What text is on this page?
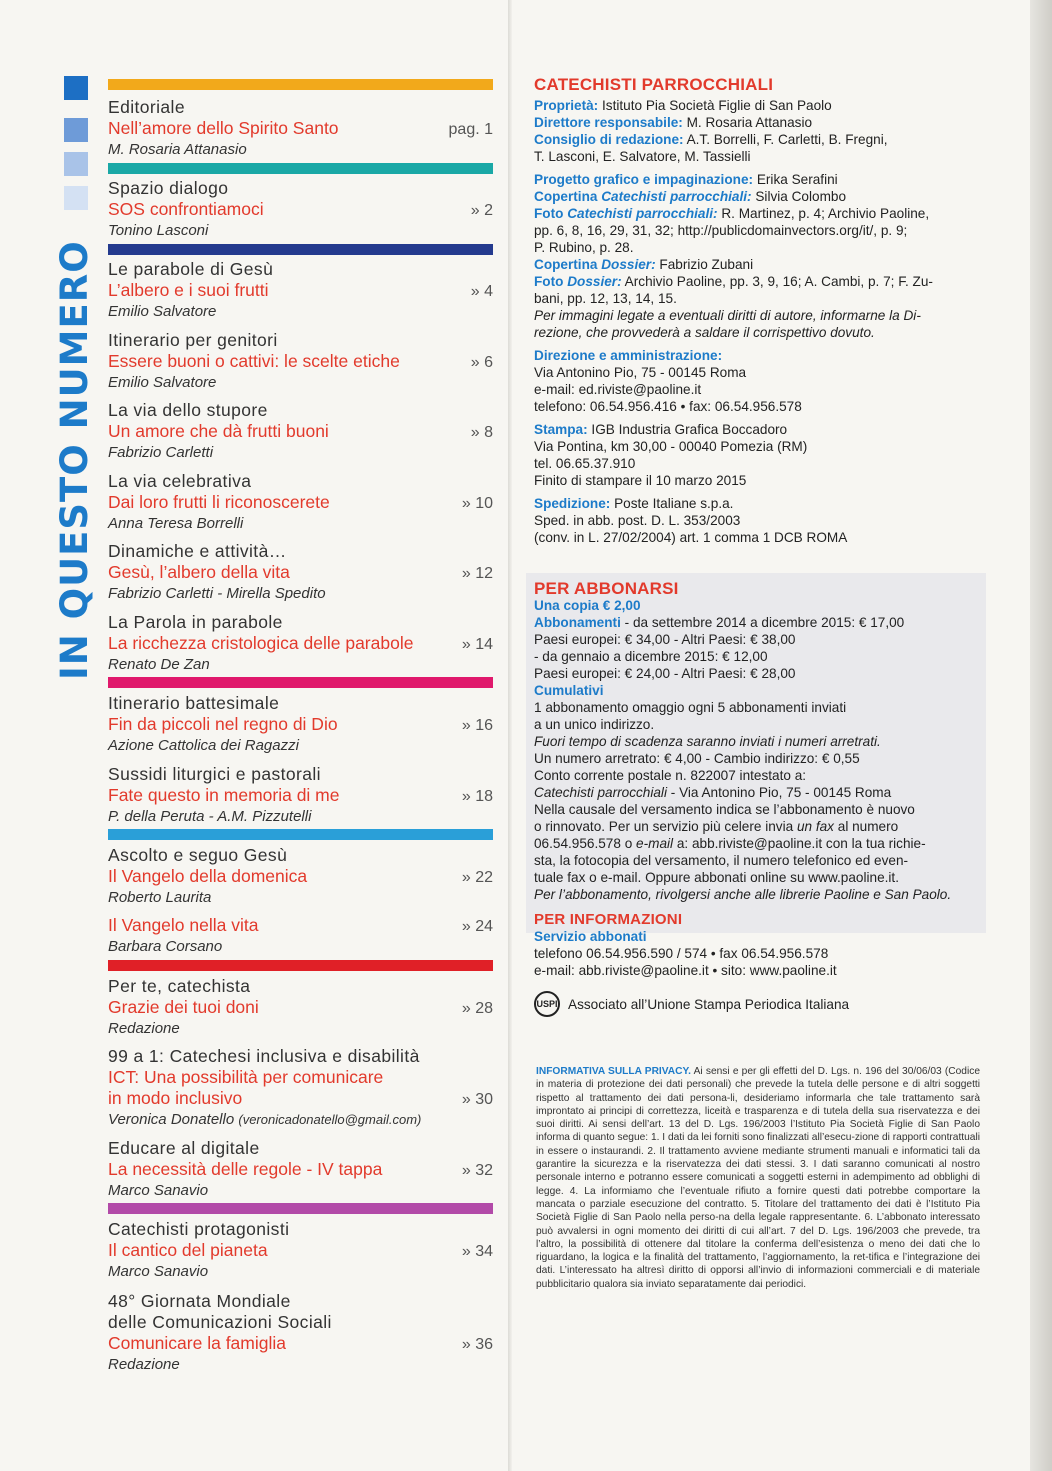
IN QUESTO NUMERO
Editoriale
Nell’amore dello Spirito Santo	pag. 1
M. Rosaria Attanasio
Spazio dialogo
SOS confrontiamoci	» 2
Tonino Lasconi
Le parabole di Gesù
L’albero e i suoi frutti	» 4
Emilio Salvatore
Itinerario per genitori
Essere buoni o cattivi: le scelte etiche	» 6
Emilio Salvatore
La via dello stupore
Un amore che dà frutti buoni	» 8
Fabrizio Carletti
La via celebrativa
Dai loro frutti li riconoscerete	» 10
Anna Teresa Borrelli
Dinamiche e attività…
Gesù, l’albero della vita	» 12
Fabrizio Carletti - Mirella Spedito
La Parola in parabole
La ricchezza cristologica delle parabole	» 14
Renato De Zan
Itinerario battesimale
Fin da piccoli nel regno di Dio	» 16
Azione Cattolica dei Ragazzi
Sussidi liturgici e pastorali
Fate questo in memoria di me	» 18
P. della Peruta - A.M. Pizzutelli
Ascolto e seguo Gesù
Il Vangelo della domenica	» 22
Roberto Laurita
Il Vangelo nella vita	» 24
Barbara Corsano
Per te, catechista
Grazie dei tuoi doni	» 28
Redazione
99 a 1: Catechesi inclusiva e disabilità
ICT: Una possibilità per comunicare
in modo inclusivo	» 30
Veronica Donatello (veronicadonatello@gmail.com)
Educare al digitale
La necessità delle regole - IV tappa	» 32
Marco Sanavio
Catechisti protagonisti
Il cantico del pianeta	» 34
Marco Sanavio
48° Giornata Mondiale
delle Comunicazioni Sociali
Comunicare la famiglia	» 36
Redazione

CATECHISTI PARROCCHIALI

Proprietà: Istituto Pia Società Figlie di San Paolo

Direttore responsabile: M. Rosaria Attanasio

Consiglio di redazione: A.T. Borrelli, F. Carletti, B. Fregni,

T. Lasconi, E. Salvatore, M. Tassielli

Progetto grafico e impaginazione: Erika Serafini

Copertina Catechisti parrocchiali: Silvia Colombo

Foto Catechisti parrocchiali: R. Martinez, p. 4; Archivio Paoline,

pp. 6, 8, 16, 29, 31, 32; http://publicdomainvectors.org/it/, p. 9;

P. Rubino, p. 28.

Copertina Dossier: Fabrizio Zubani

Foto Dossier: Archivio Paoline, pp. 3, 9, 16; A. Cambi, p. 7; F. Zu-

bani, pp. 12, 13, 14, 15.

Per immagini legate a eventuali diritti di autore, informarne la Di-

rezione, che provvederà a saldare il corrispettivo dovuto.

Direzione e amministrazione:

Via Antonino Pio, 75 - 00145 Roma

e-mail: ed.riviste@paoline.it

telefono: 06.54.956.416 • fax: 06.54.956.578

Stampa: IGB Industria Grafica Boccadoro

Via Pontina, km 30,00 - 00040 Pomezia (RM)

tel. 06.65.37.910

Finito di stampare il 10 marzo 2015

Spedizione: Poste Italiane s.p.a.

Sped. in abb. post. D. L. 353/2003

(conv. in L. 27/02/2004) art. 1 comma 1 DCB ROMA

PER ABBONARSI

Una copia € 2,00

Abbonamenti - da settembre 2014 a dicembre 2015: € 17,00

Paesi europei: € 34,00 - Altri Paesi: € 38,00

- da gennaio a dicembre 2015: € 12,00

Paesi europei: € 24,00 - Altri Paesi: € 28,00

Cumulativi

1 abbonamento omaggio ogni 5 abbonamenti inviati

a un unico indirizzo.

Fuori tempo di scadenza saranno inviati i numeri arretrati.

Un numero arretrato: € 4,00 - Cambio indirizzo: € 0,55

Conto corrente postale n. 822007 intestato a:

Catechisti parrocchiali - Via Antonino Pio, 75 - 00145 Roma

Nella causale del versamento indica se l’abbonamento è nuovo

o rinnovato. Per un servizio più celere invia un fax al numero

06.54.956.578 o e-mail a: abb.riviste@paoline.it con la tua richie-

sta, la fotocopia del versamento, il numero telefonico ed even-

tuale fax o e-mail. Oppure abbonati online su www.paoline.it.

Per l’abbonamento, rivolgersi anche alle librerie Paoline e San Paolo.

PER INFORMAZIONI

Servizio abbonati

telefono 06.54.956.590 / 574 • fax 06.54.956.578

e-mail: abb.riviste@paoline.it • sito: www.paoline.it

USPI Associato all’Unione Stampa Periodica Italiana
INFORMATIVA SULLA PRIVACY. Ai sensi e per gli effetti del D. Lgs. n. 196 del 30/06/03 (Codice in materia di protezione dei dati personali) che prevede la tutela delle persone e di altri soggetti rispetto al trattamento dei dati persona-li, desideriamo informarla che tale trattamento sarà improntato ai principi di correttezza, liceità e trasparenza e di tutela della sua riservatezza e dei suoi diritti. Ai sensi dell’art. 13 del D. Lgs. 196/2003 l’Istituto Pia Società Figlie di San Paolo informa di quanto segue: 1. I dati da lei forniti sono finalizzati all’esecu-zione di rapporti contrattuali in essere o instaurandi. 2. Il trattamento avviene mediante strumenti manuali e informatici tali da garantire la sicurezza e la riservatezza dei dati stessi. 3. I dati saranno comunicati al nostro personale interno e potranno essere comunicati a soggetti esterni in adempimento ad obblighi di legge. 4. La informiamo che l’eventuale rifiuto a fornire questi dati potrebbe comportare la mancata o parziale esecuzione del contratto. 5. Titolare del trattamento dei dati è l’Istituto Pia Società Figlie di San Paolo nella perso-na della legale rappresentante. 6. L’abbonato interessato può avvalersi in ogni momento dei diritti di cui all’art. 7 del D. Lgs. 196/2003 che prevede, tra l’altro, la possibilità di ottenere dal titolare la conferma dell’esistenza o meno dei dati che lo riguardano, la logica e la finalità del trattamento, l’aggiornamento, la ret-tifica e l’integrazione dei dati. L’interessato ha altresì diritto di opporsi all’invio di informazioni commerciali e di materiale pubblicitario qualora sia inviato separatamente dai periodici.
